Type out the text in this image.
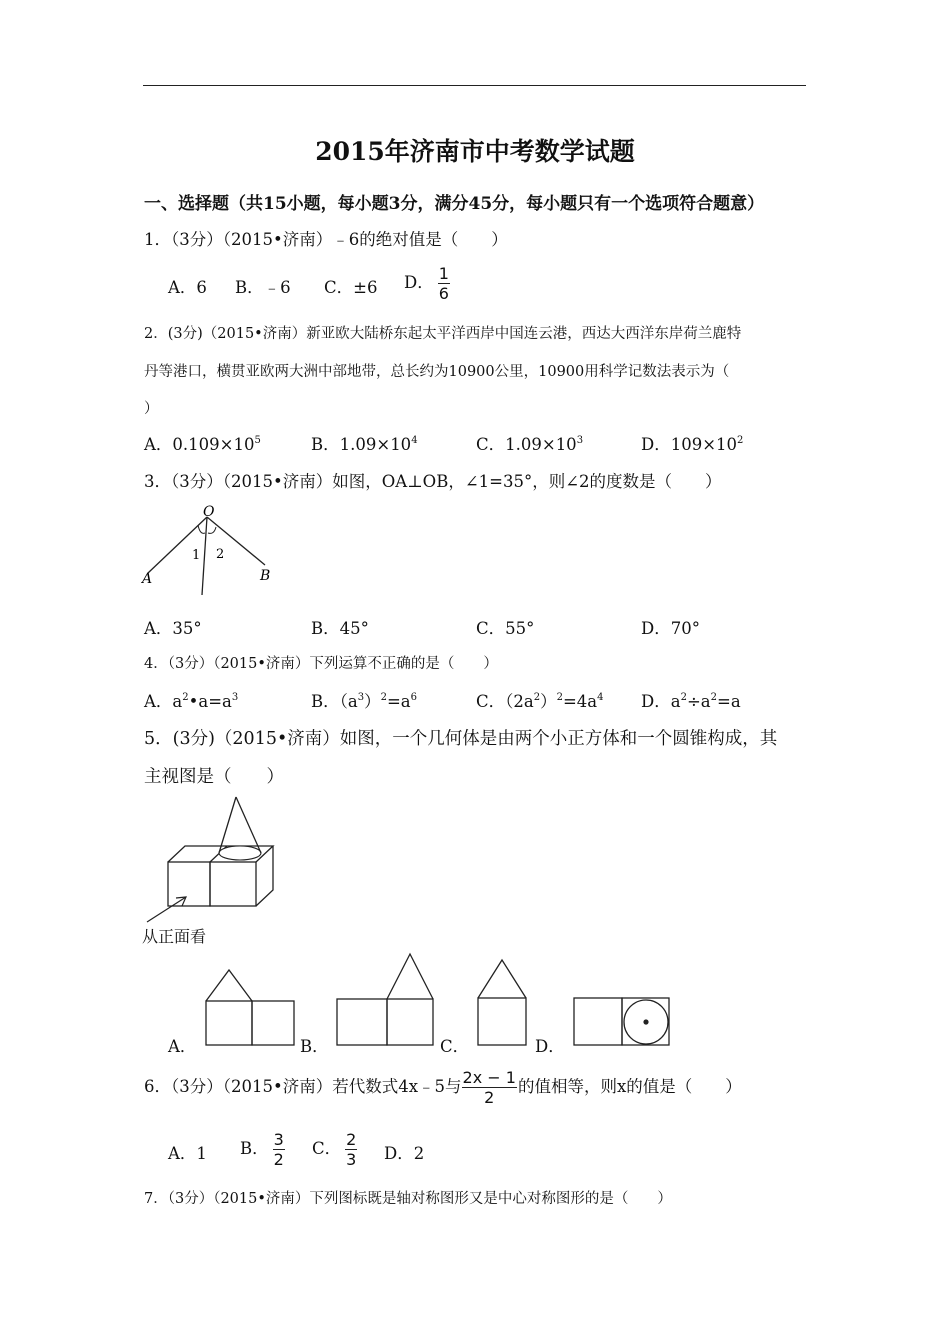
2015年济南市中考数学试题
一、选择题（共15小题，每小题3分，满分45分，每小题只有一个选项符合题意）
1．（3分）（2015•济南）﹣6的绝对值是（　　）
A．6 B．﹣6 C．±6 D． $\frac{1}{6}$
2．(3分)（2015•济南）新亚欧大陆桥东起太平洋西岸中国连云港，西达大西洋东岸荷兰鹿特
丹等港口，横贯亚欧两大洲中部地带，总长约为10900公里，10900用科学记数法表示为（
）
A．$0.109\times 10^5$	B．$1.09\times 10^4$	C．$1.09\times 10^3$	D．$109\times 10^2$
3．（3分）（2015•济南）如图，OA⊥OB，∠1=35°，则∠2的度数是（　　）
O
A	B
1 2
A．35°	B．45°	C．55°	D．70°
4．（3分）（2015•济南）下列运算不正确的是（　　）
A．$a^2•a=a^3$	B．$(a^3)^2=a^6$	C．$(2a^2)^2=4a^4$ D．$a^2\div a^2=a$
5．(3分)（2015•济南）如图，一个几何体是由两个小正方体和一个圆锥构成，其
主视图是（　　）
从正面看
A．	B．	C．	D．
6．（3分）（2015•济南）若代数式4x﹣5与 $\frac{2x - 1}{2}$ 的值相等，则x的值是（　　）
A．1 B． $\frac{3}{2}$ C． $\frac{2}{3}$ D．2
7．（3分）（2015•济南）下列图标既是轴对称图形又是中心对称图形的是（　　）
